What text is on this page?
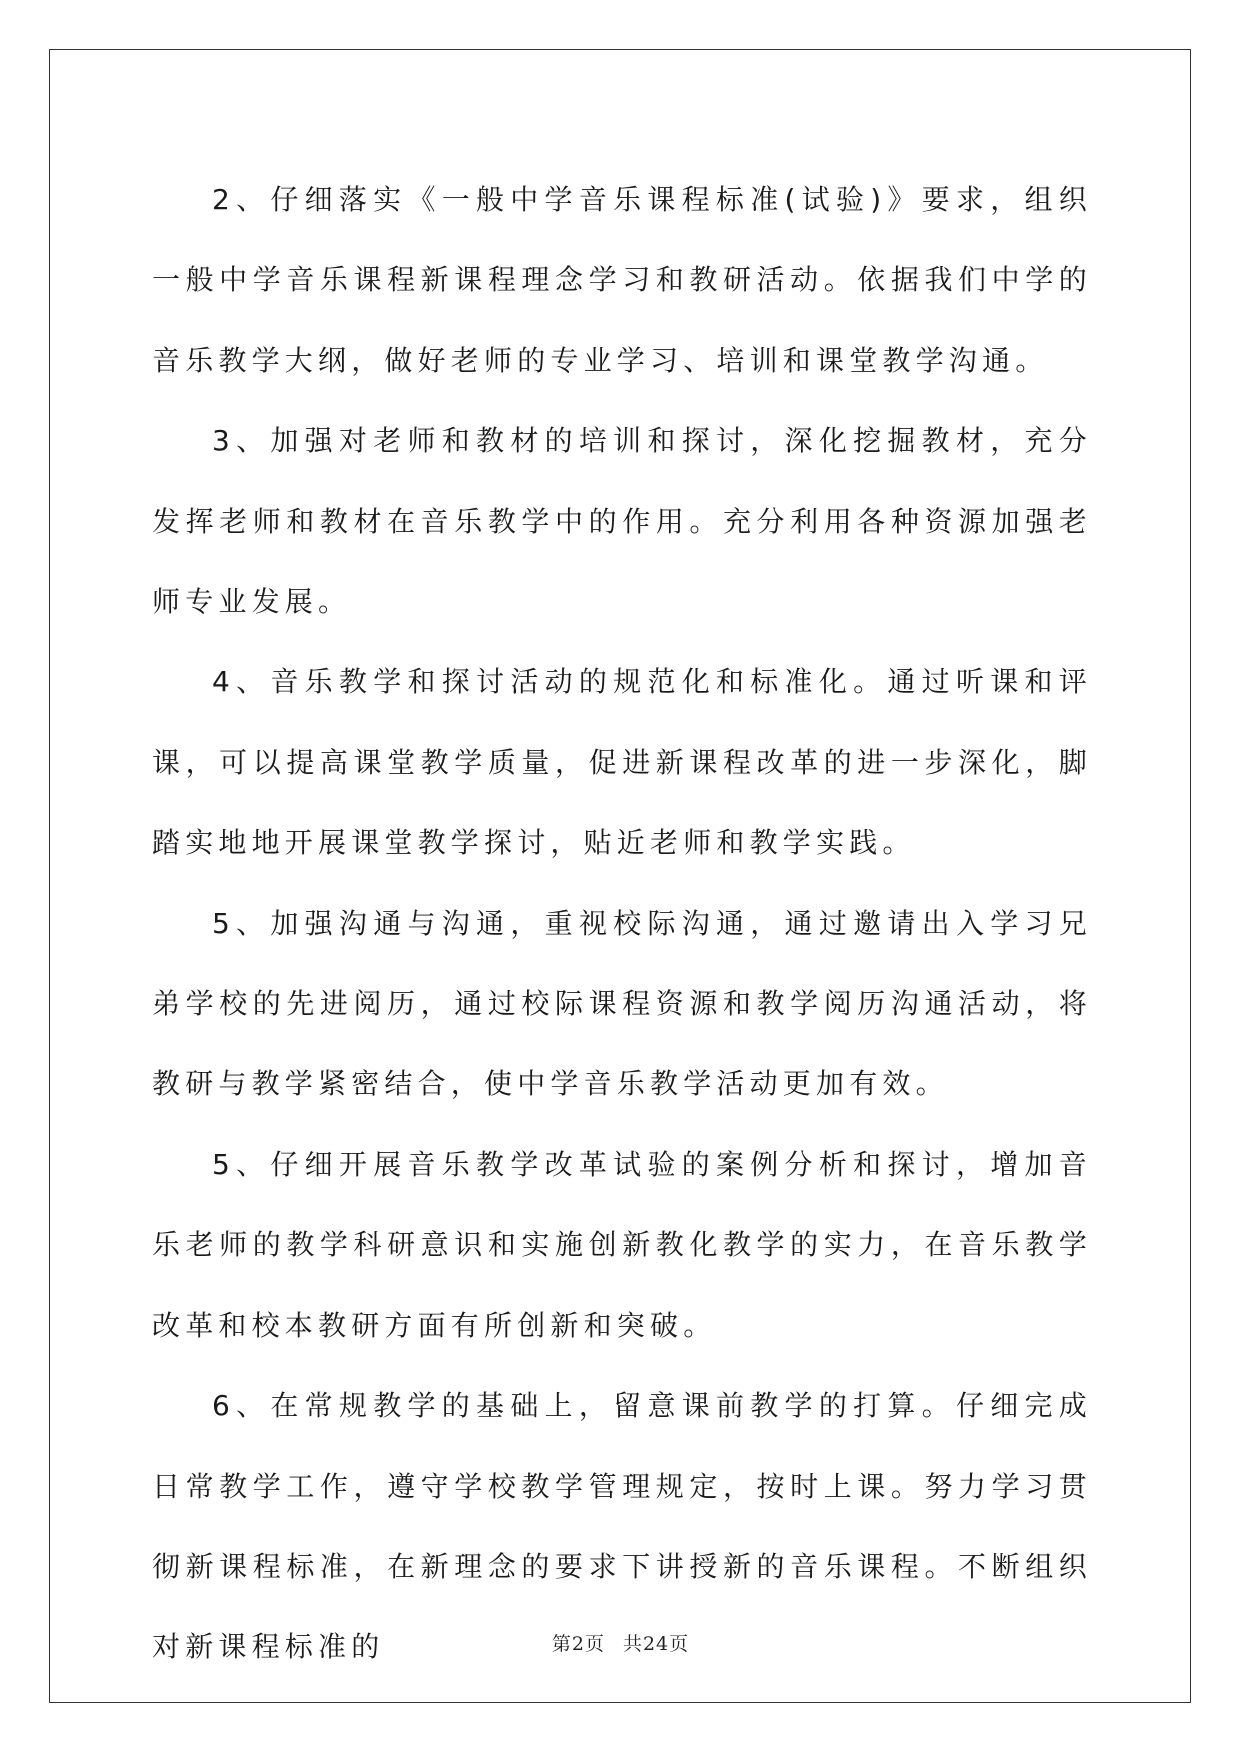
2、仔细落实《一般中学音乐课程标准(试验)》要求，组织一般中学音乐课程新课程理念学习和教研活动。依据我们中学的音乐教学大纲，做好老师的专业学习、培训和课堂教学沟通。

3、加强对老师和教材的培训和探讨，深化挖掘教材，充分发挥老师和教材在音乐教学中的作用。充分利用各种资源加强老师专业发展。

4、音乐教学和探讨活动的规范化和标准化。通过听课和评课，可以提高课堂教学质量，促进新课程改革的进一步深化，脚踏实地地开展课堂教学探讨，贴近老师和教学实践。

5、加强沟通与沟通，重视校际沟通，通过邀请出入学习兄弟学校的先进阅历，通过校际课程资源和教学阅历沟通活动，将教研与教学紧密结合，使中学音乐教学活动更加有效。

5、仔细开展音乐教学改革试验的案例分析和探讨，增加音乐老师的教学科研意识和实施创新教化教学的实力，在音乐教学改革和校本教研方面有所创新和突破。

6、在常规教学的基础上，留意课前教学的打算。仔细完成日常教学工作，遵守学校教学管理规定，按时上课。努力学习贯彻新课程标准，在新理念的要求下讲授新的音乐课程。不断组织对新课程标准的	第2页 共24页
